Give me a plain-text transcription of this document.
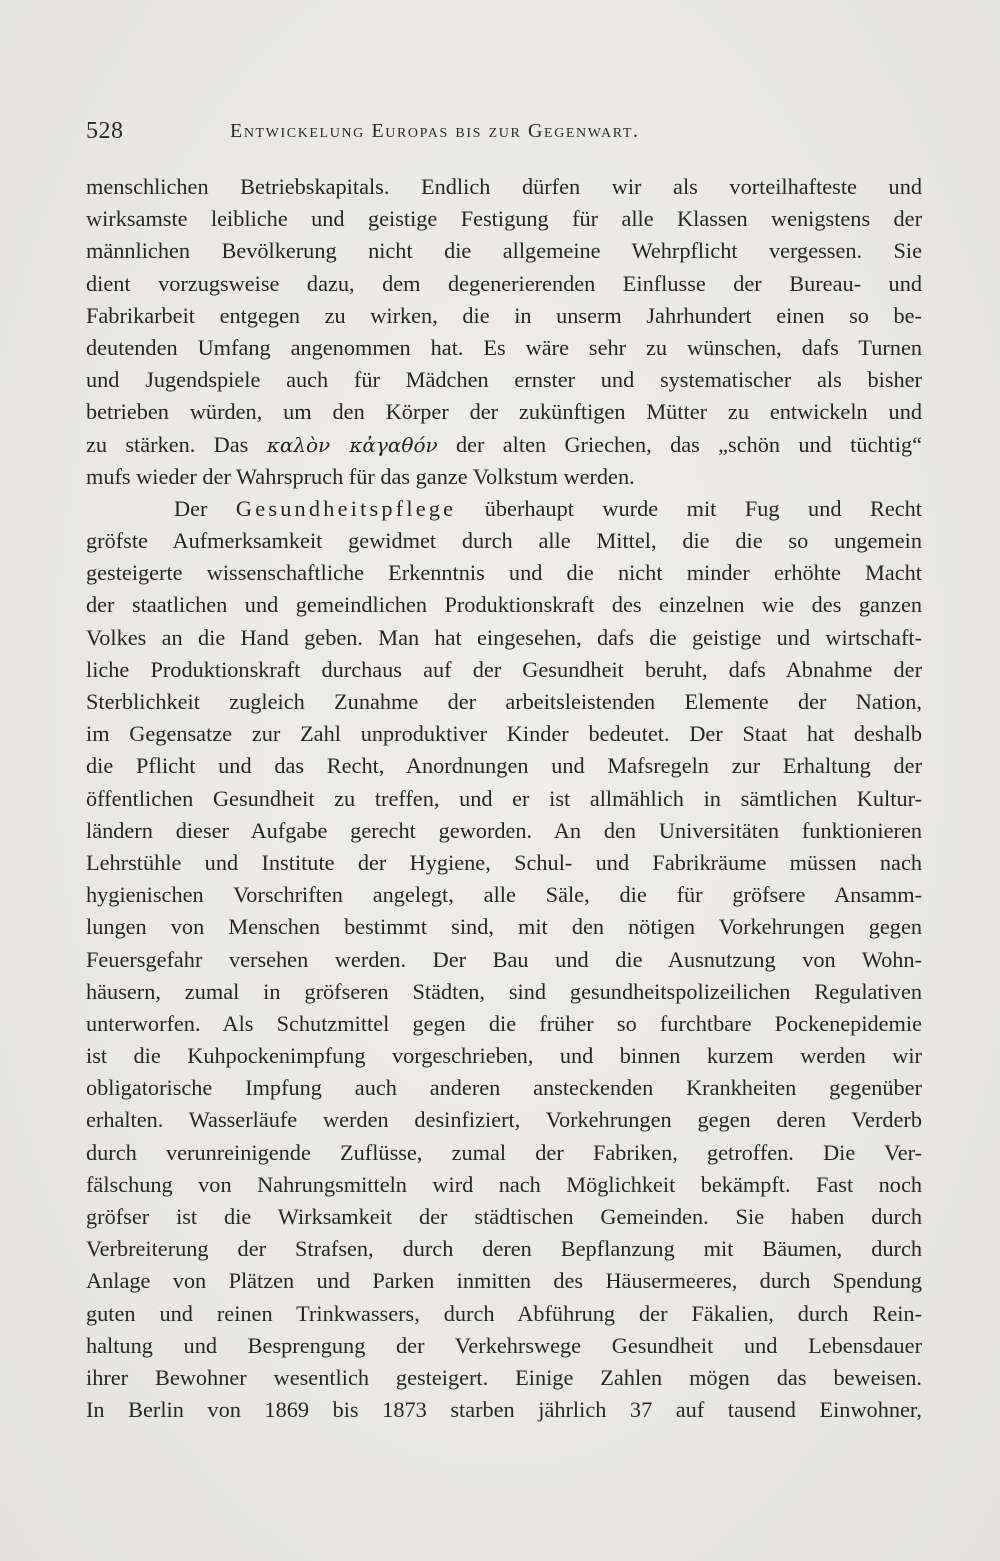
528	Entwickelung Europas bis zur Gegenwart.
menschlichen Betriebskapitals. Endlich dürfen wir als vorteilhafteste und
wirksamste leibliche und geistige Festigung für alle Klassen wenigstens der
männlichen Bevölkerung nicht die allgemeine Wehrpflicht vergessen. Sie
dient vorzugsweise dazu, dem degenerierenden Einflusse der Bureau- und
Fabrikarbeit entgegen zu wirken, die in unserm Jahrhundert einen so be-
deutenden Umfang angenommen hat. Es wäre sehr zu wünschen, dafs Turnen
und Jugendspiele auch für Mädchen ernster und systematischer als bisher
betrieben würden, um den Körper der zukünftigen Mütter zu entwickeln und
zu stärken. Das καλὸν κἀγαθόν der alten Griechen, das „schön und tüchtig“
mufs wieder der Wahrspruch für das ganze Volkstum werden.
Der Gesundheitspflege überhaupt wurde mit Fug und Recht
gröfste Aufmerksamkeit gewidmet durch alle Mittel, die die so ungemein
gesteigerte wissenschaftliche Erkenntnis und die nicht minder erhöhte Macht
der staatlichen und gemeindlichen Produktionskraft des einzelnen wie des ganzen
Volkes an die Hand geben. Man hat eingesehen, dafs die geistige und wirtschaft-
liche Produktionskraft durchaus auf der Gesundheit beruht, dafs Abnahme der
Sterblichkeit zugleich Zunahme der arbeitsleistenden Elemente der Nation,
im Gegensatze zur Zahl unproduktiver Kinder bedeutet. Der Staat hat deshalb
die Pflicht und das Recht, Anordnungen und Mafsregeln zur Erhaltung der
öffentlichen Gesundheit zu treffen, und er ist allmählich in sämtlichen Kultur-
ländern dieser Aufgabe gerecht geworden. An den Universitäten funktionieren
Lehrstühle und Institute der Hygiene, Schul- und Fabrikräume müssen nach
hygienischen Vorschriften angelegt, alle Säle, die für gröfsere Ansamm-
lungen von Menschen bestimmt sind, mit den nötigen Vorkehrungen gegen
Feuersgefahr versehen werden. Der Bau und die Ausnutzung von Wohn-
häusern, zumal in gröfseren Städten, sind gesundheitspolizeilichen Regulativen
unterworfen. Als Schutzmittel gegen die früher so furchtbare Pockenepidemie
ist die Kuhpockenimpfung vorgeschrieben, und binnen kurzem werden wir
obligatorische Impfung auch anderen ansteckenden Krankheiten gegenüber
erhalten. Wasserläufe werden desinfiziert, Vorkehrungen gegen deren Verderb
durch verunreinigende Zuflüsse, zumal der Fabriken, getroffen. Die Ver-
fälschung von Nahrungsmitteln wird nach Möglichkeit bekämpft. Fast noch
gröfser ist die Wirksamkeit der städtischen Gemeinden. Sie haben durch
Verbreiterung der Strafsen, durch deren Bepflanzung mit Bäumen, durch
Anlage von Plätzen und Parken inmitten des Häusermeeres, durch Spendung
guten und reinen Trinkwassers, durch Abführung der Fäkalien, durch Rein-
haltung und Besprengung der Verkehrswege Gesundheit und Lebensdauer
ihrer Bewohner wesentlich gesteigert. Einige Zahlen mögen das beweisen.
In Berlin von 1869 bis 1873 starben jährlich 37 auf tausend Einwohner,
